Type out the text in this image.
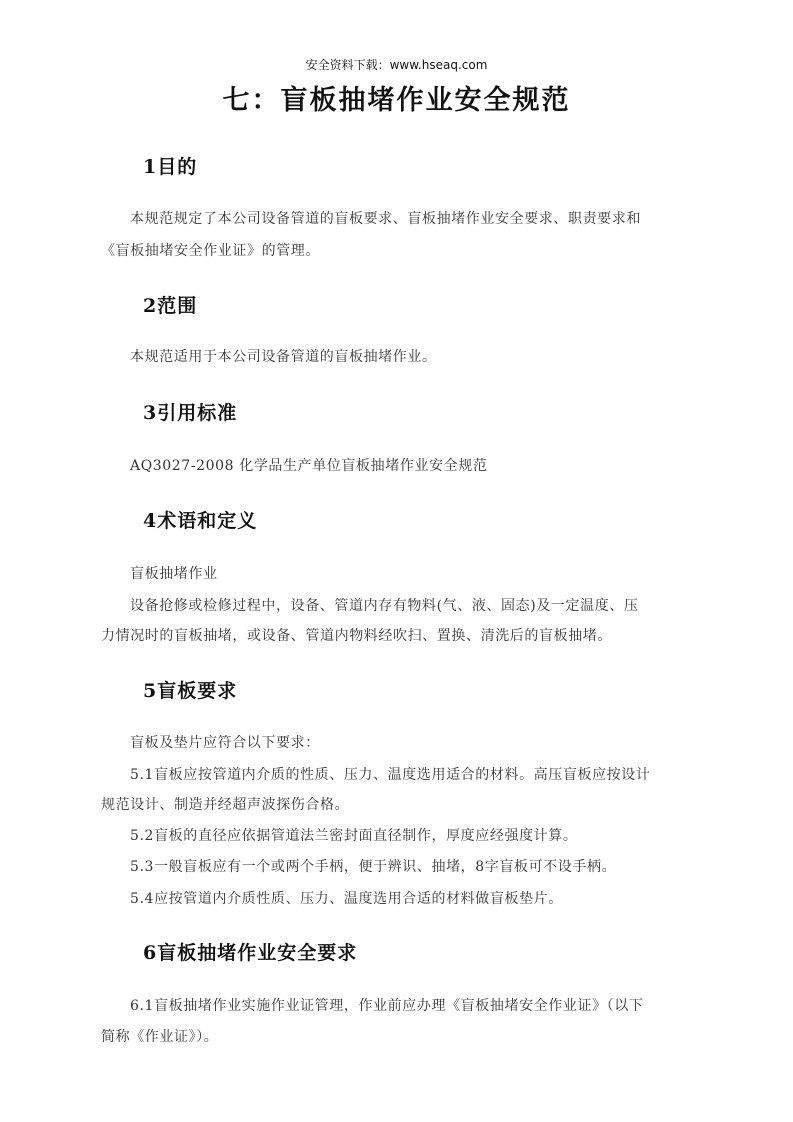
安全资料下载：www.hseaq.com
七：盲板抽堵作业安全规范
1目的
本规范规定了本公司设备管道的盲板要求、盲板抽堵作业安全要求、职责要求和
《盲板抽堵安全作业证》的管理。
2范围
本规范适用于本公司设备管道的盲板抽堵作业。
3引用标准
AQ3027-2008 化学品生产单位盲板抽堵作业安全规范
4术语和定义
盲板抽堵作业
设备抢修或检修过程中，设备、管道内存有物料(气、液、固态)及一定温度、压
力情况时的盲板抽堵，或设备、管道内物料经吹扫、置换、清洗后的盲板抽堵。
5盲板要求
盲板及垫片应符合以下要求：
5.1盲板应按管道内介质的性质、压力、温度选用适合的材料。高压盲板应按设计
规范设计、制造并经超声波探伤合格。
5.2盲板的直径应依据管道法兰密封面直径制作，厚度应经强度计算。
5.3一般盲板应有一个或两个手柄，便于辨识、抽堵，8字盲板可不设手柄。
5.4应按管道内介质性质、压力、温度选用合适的材料做盲板垫片。
6盲板抽堵作业安全要求
6.1盲板抽堵作业实施作业证管理，作业前应办理《盲板抽堵安全作业证》（以下
简称《作业证》）。
